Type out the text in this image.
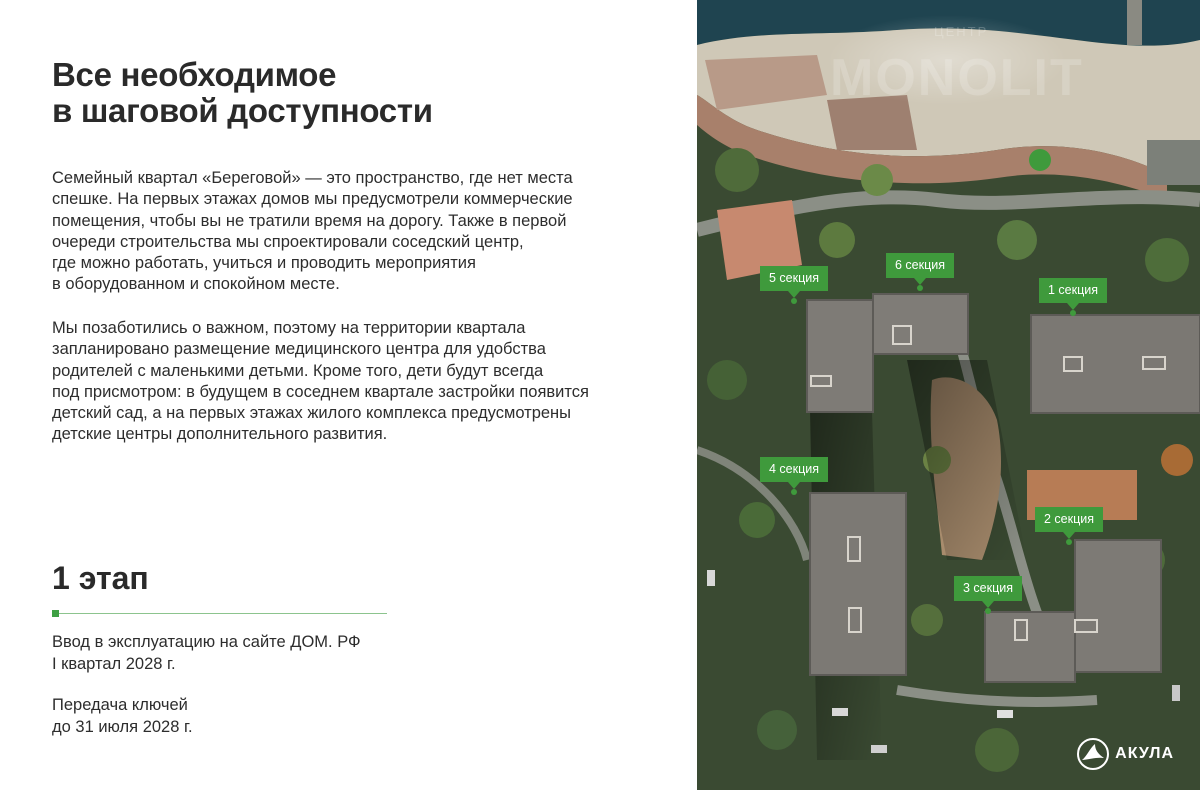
Все необходимое
в шаговой доступности

Семейный квартал «Береговой» — это пространство, где нет места
спешке. На первых этажах домов мы предусмотрели коммерческие
помещения, чтобы вы не тратили время на дорогу. Также в первой
очереди строительства мы спроектировали соседский центр,
где можно работать, учиться и проводить мероприятия
в оборудованном и спокойном месте.

Мы позаботились о важном, поэтому на территории квартала
запланировано размещение медицинского центра для удобства
родителей с маленькими детьми. Кроме того, дети будут всегда
под присмотром: в будущем в соседнем квартале застройки появится
детский сад, а на первых этажах жилого комплекса предусмотрены
детские центры дополнительного развития.

1 этап
Ввод в эксплуатацию на сайте ДОМ. РФ
I квартал 2028 г.
Передача ключей
до 31 июля 2028 г.
5 секция
6 секция
1 секция
4 секция
2 секция
3 секция
ЦЕНТР
MONOLIT
АКУЛА
